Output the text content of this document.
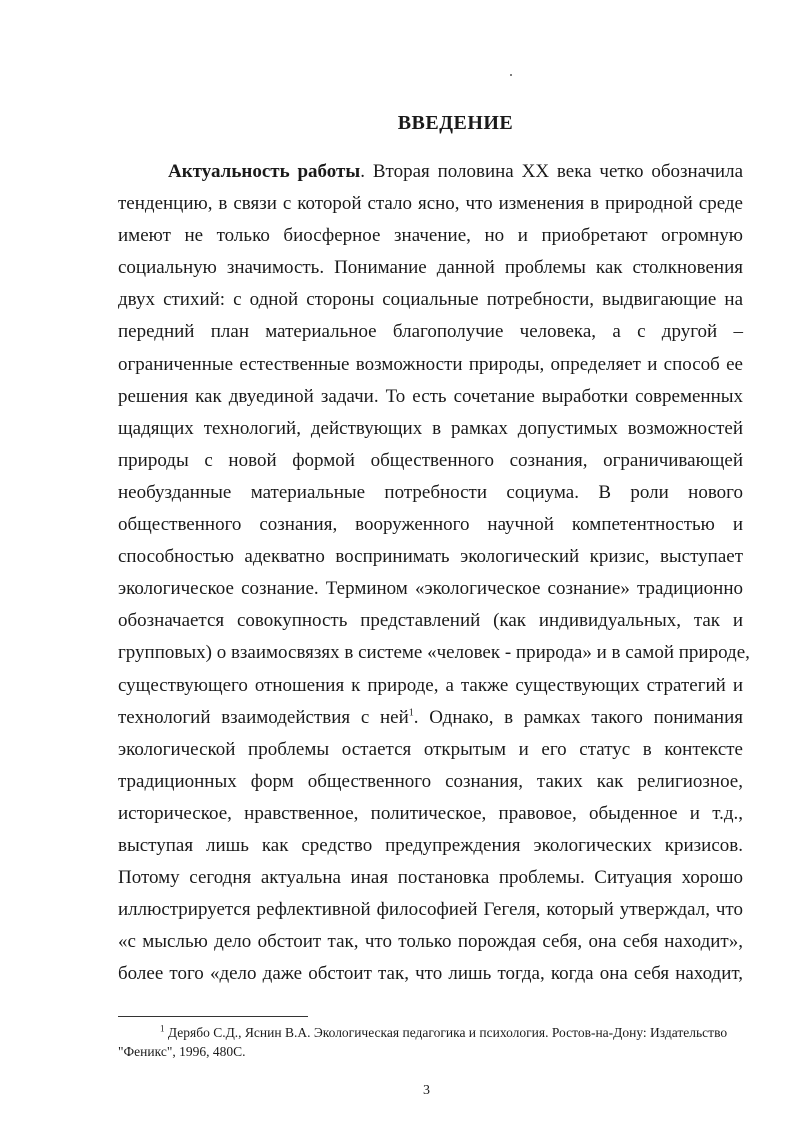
ВВЕДЕНИЕ
Актуальность работы. Вторая половина XX века четко обозначила
тенденцию, в связи с которой стало ясно, что изменения в природной среде
имеют не только биосферное значение, но и приобретают огромную
социальную значимость. Понимание данной проблемы как столкновения
двух стихий: с одной стороны социальные потребности, выдвигающие на
передний план материальное благополучие человека, а с другой –
ограниченные естественные возможности природы, определяет и способ ее
решения как двуединой задачи. То есть сочетание выработки современных
щадящих технологий, действующих в рамках допустимых возможностей
природы с новой формой общественного сознания, ограничивающей
необузданные материальные потребности социума. В роли нового
общественного сознания, вооруженного научной компетентностью и
способностью адекватно воспринимать экологический кризис, выступает
экологическое сознание. Термином «экологическое сознание» традиционно
обозначается совокупность представлений (как индивидуальных, так и
групповых) о взаимосвязях в системе «человек - природа» и в самой природе,
существующего отношения к природе, а также существующих стратегий и
технологий взаимодействия с ней$^1$. Однако, в рамках такого понимания
экологической проблемы остается открытым и его статус в контексте
традиционных форм общественного сознания, таких как религиозное,
историческое, нравственное, политическое, правовое, обыденное и т.д.,
выступая лишь как средство предупреждения экологических кризисов.
Потому сегодня актуальна иная постановка проблемы. Ситуация хорошо
иллюстрируется рефлективной философией Гегеля, который утверждал, что
«с мыслью дело обстоит так, что только порождая себя, она себя находит»,
более того «дело даже обстоит так, что лишь тогда, когда она себя находит,
$^1$ Дерябо С.Д., Яснин В.А. Экологическая педагогика и психология. Ростов-на-Дону: Издательство
"Феникс", 1996, 480С.
3
